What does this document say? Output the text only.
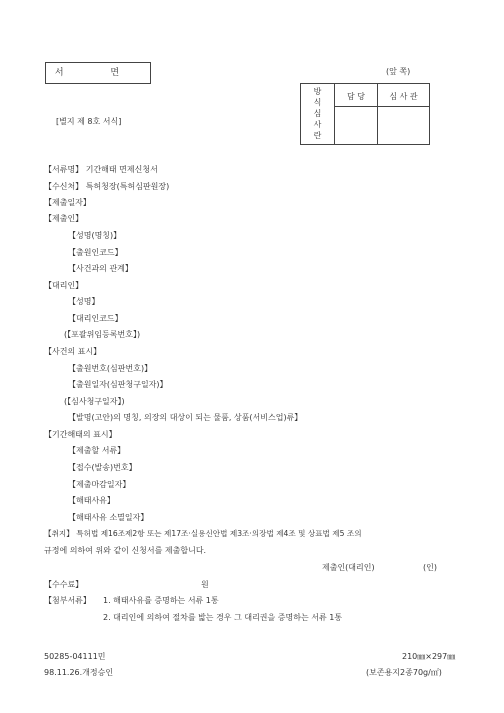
서 면	(앞 쪽)
방
식
심
사
란
담 당	심 사 관
[별지 제 8호 서식]
【서류명】 기간해태 면제신청서
【수신처】 특허청장(특허심판원장)
【제출일자】
【제출인】
【성명(명칭)】
【출원인코드】
【사건과의 관계】
【대리인】
【성명】
【대리인코드】
(【포괄위임등록번호】)
【사건의 표시】
【출원번호(심판번호)】
【출원일자(심판청구일자)】
(【심사청구일자】)
【발명(고안)의 명칭, 의장의 대상이 되는 물품, 상품(서비스업)류】
【기간해태의 표시】
【제출할 서류】
【접수(발송)번호】
【제출마감일자】
【해태사유】
【해태사유 소멸일자】
【취지】 특허법 제16조제2항 또는 제17조·실용신안법 제3조·의장법 제4조 및 상표법 제5 조의
규정에 의하여 위와 같이 신청서를 제출합니다.
제출인(대리인)	(인)
【수수료】	원
【첨부서류】 1. 해태사유를 증명하는 서류 1통
2. 대리인에 의하여 절차를 밟는 경우 그 대리권을 증명하는 서류 1통
50285-04111민
98.11.26.개정승인
210㎜×297㎜
(보존용지2종70g/㎡)
